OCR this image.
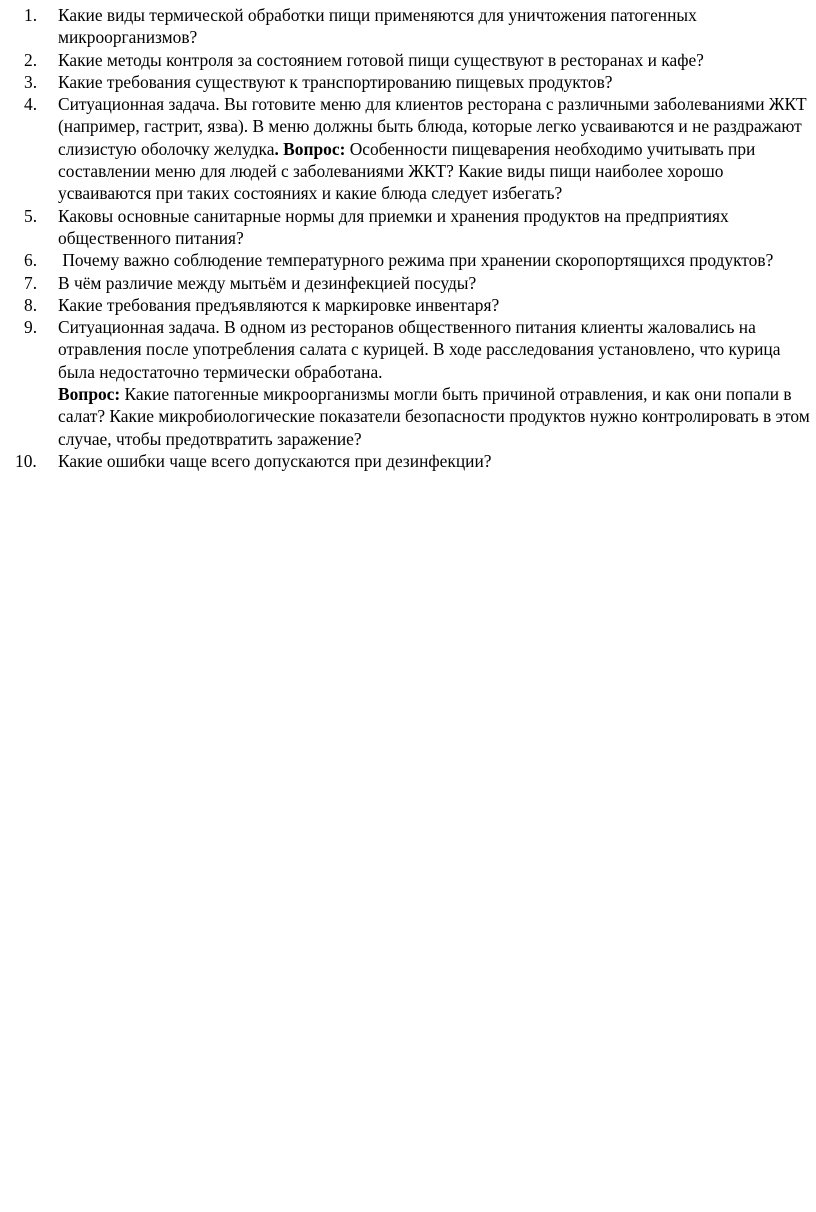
1. Какие виды термической обработки пищи применяются для уничтожения патогенных микроорганизмов?
2. Какие методы контроля за состоянием готовой пищи существуют в ресторанах и кафе?
3. Какие требования существуют к транспортированию пищевых продуктов?
4. Ситуационная задача. Вы готовите меню для клиентов ресторана с различными заболеваниями ЖКТ (например, гастрит, язва). В меню должны быть блюда, которые легко усваиваются и не раздражают слизистую оболочку желудка. Вопрос: Особенности пищеварения необходимо учитывать при составлении меню для людей с заболеваниями ЖКТ? Какие виды пищи наиболее хорошо усваиваются при таких состояниях и какие блюда следует избегать?
5. Каковы основные санитарные нормы для приемки и хранения продуктов на предприятиях общественного питания?
6. Почему важно соблюдение температурного режима при хранении скоропортящихся продуктов?
7. В чём различие между мытьём и дезинфекцией посуды?
8. Какие требования предъявляются к маркировке инвентаря?
9. Ситуационная задача. В одном из ресторанов общественного питания клиенты жаловались на отравления после употребления салата с курицей. В ходе расследования установлено, что курица была недостаточно термически обработана.
Вопрос: Какие патогенные микроорганизмы могли быть причиной отравления, и как они попали в салат? Какие микробиологические показатели безопасности продуктов нужно контролировать в этом случае, чтобы предотвратить заражение?
10. Какие ошибки чаще всего допускаются при дезинфекции?
